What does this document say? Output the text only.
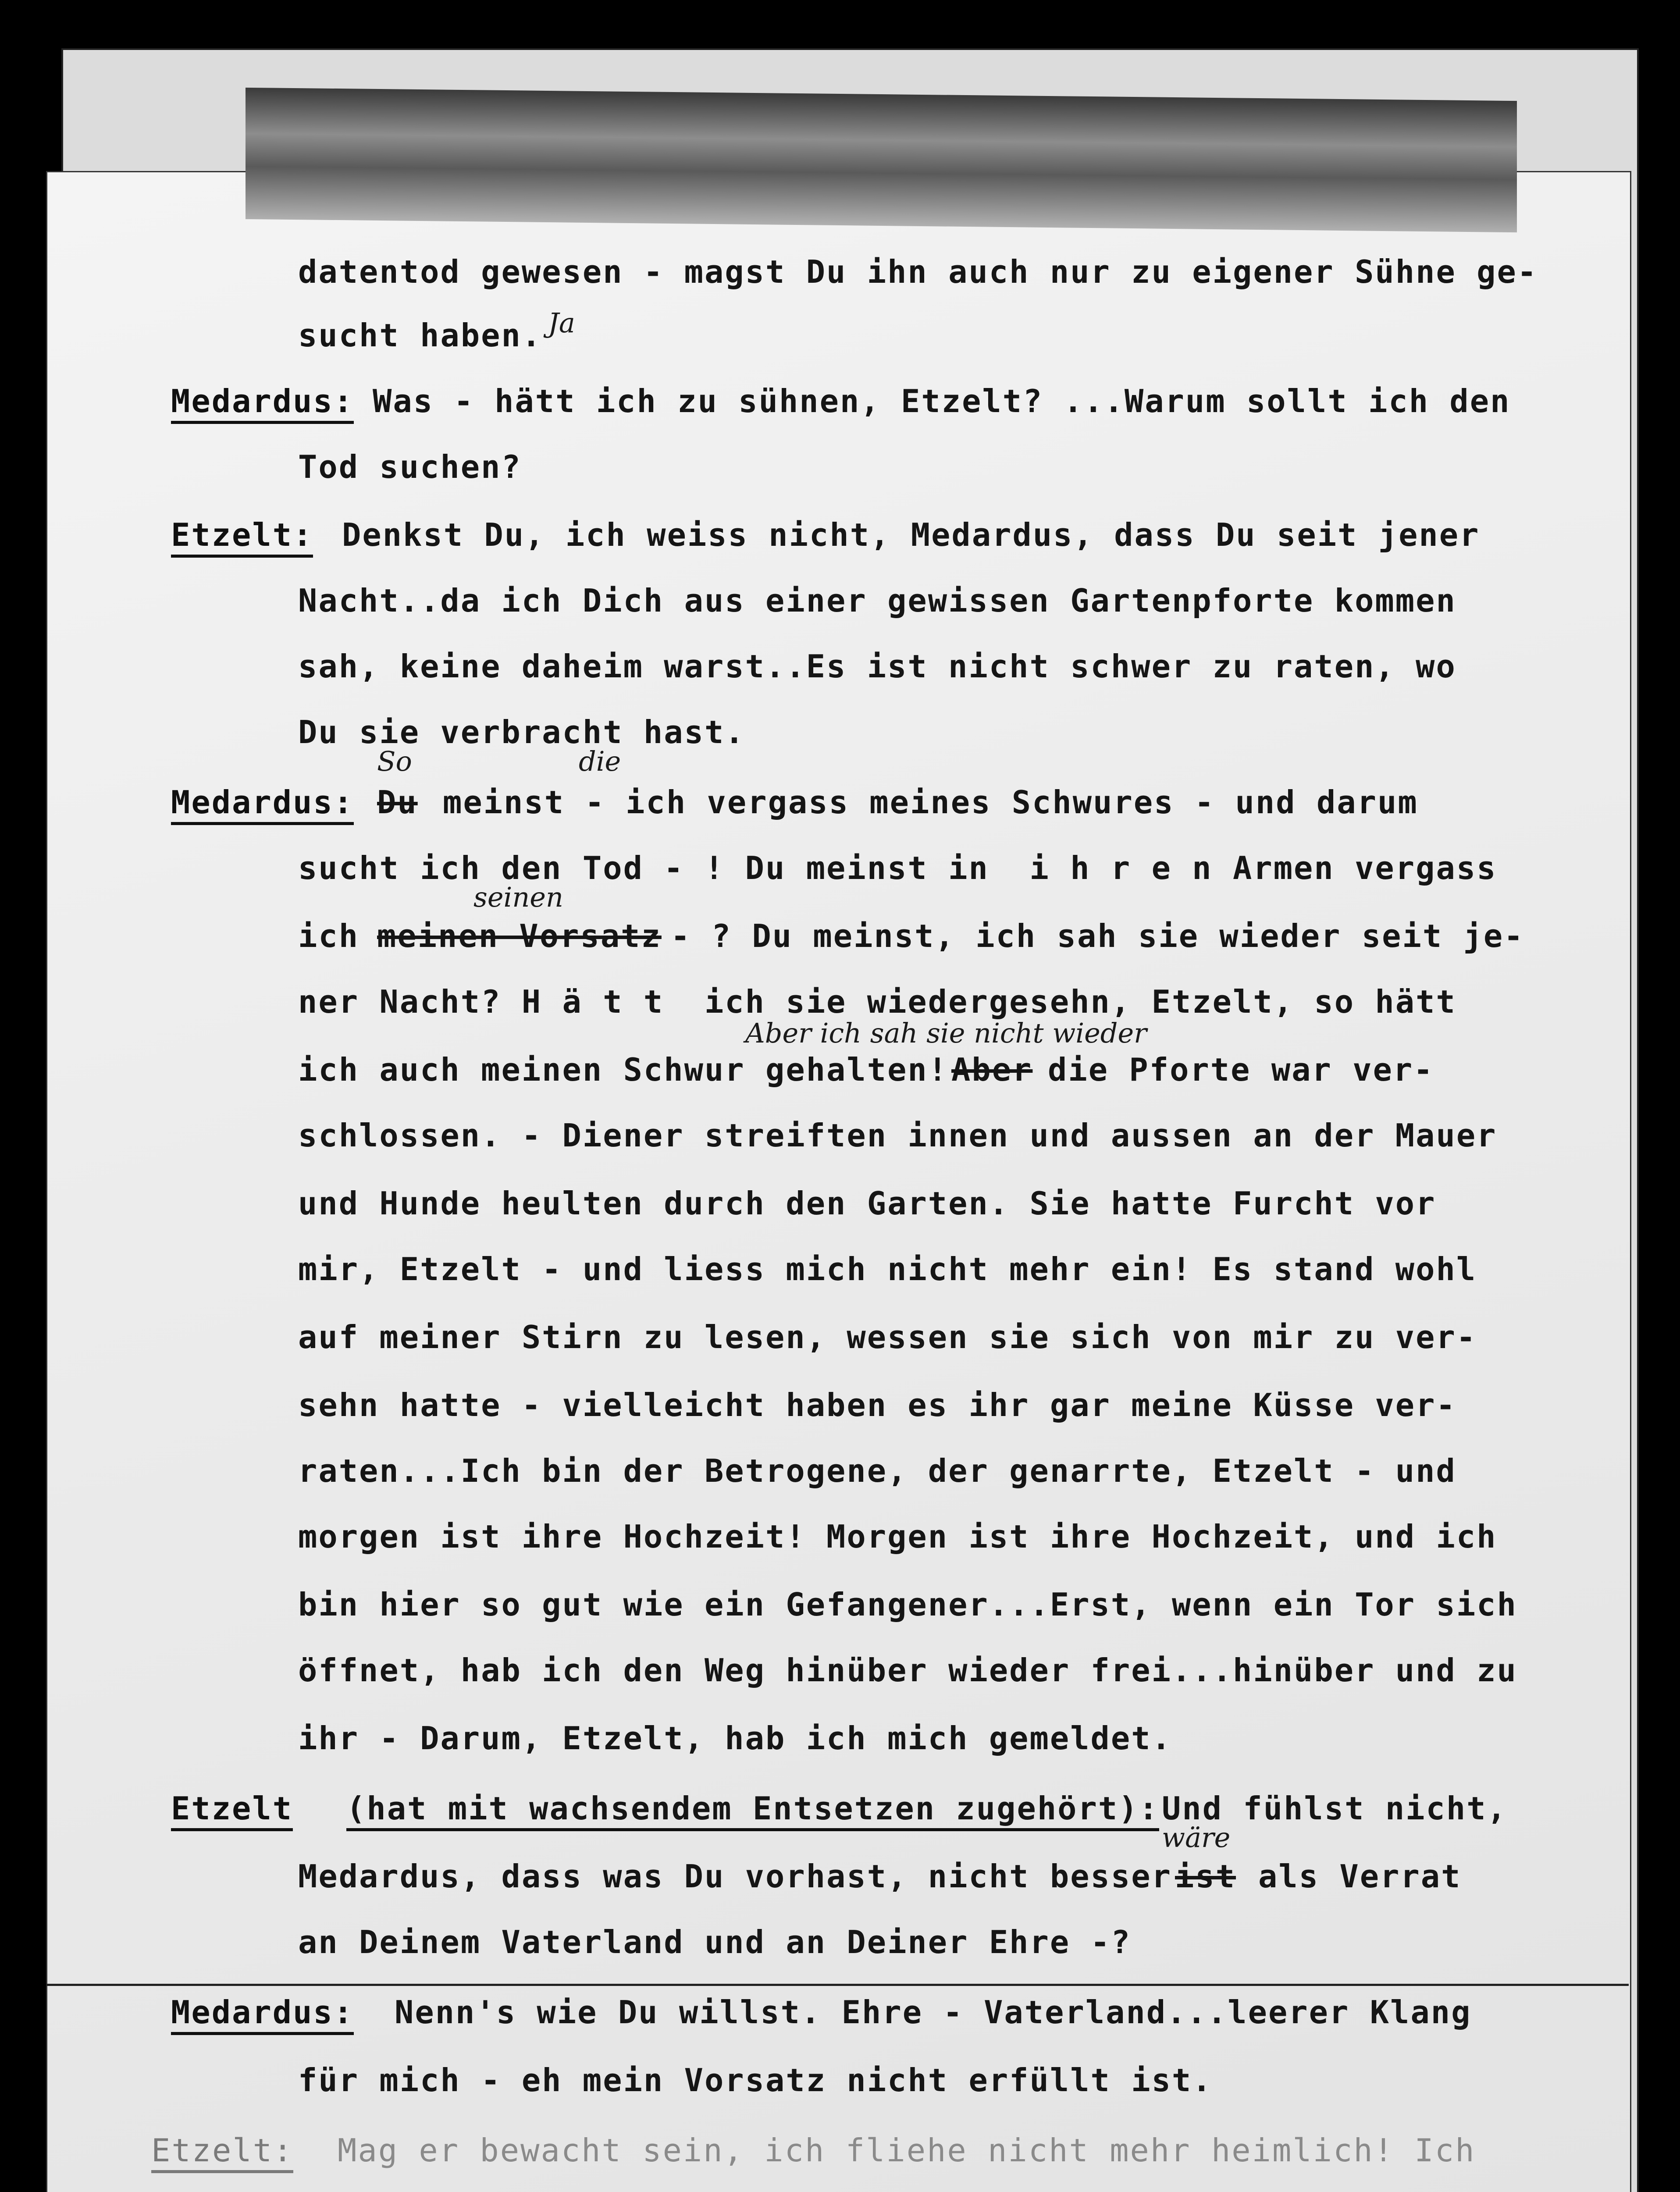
datentod gewesen - magst Du ihn auch nur zu eigener Sühne ge-
sucht haben. Ja
Medardus: Was - hätt ich zu sühnen, Etzelt? ...Warum sollt ich den
Tod suchen?
Etzelt: Denkst Du, ich weiss nicht, Medardus, dass Du seit jener
Nacht..da ich Dich aus einer gewissen Gartenpforte kommen
sah, keine daheim warst..Es ist nicht schwer zu raten, wo
Du sie verbracht hast.
Medardus:
So
Du
die
meinst - ich vergass meines Schwures - und darum
sucht ich den Tod - ! Du meinst in  i h r e n Armen vergass
ich
seinen
meinen Vorsatz - ? Du meinst, ich sah sie wieder seit je-
ner Nacht? H ä t t  ich sie wiedergesehn, Etzelt, so hätt
Aber ich sah sie nicht wieder
ich auch meinen Schwur gehalten! Aber die Pforte war ver-
schlossen. - Diener streiften innen und aussen an der Mauer
und Hunde heulten durch den Garten. Sie hatte Furcht vor
mir, Etzelt - und liess mich nicht mehr ein! Es stand wohl
auf meiner Stirn zu lesen, wessen sie sich von mir zu ver-
sehn hatte - vielleicht haben es ihr gar meine Küsse ver-
raten...Ich bin der Betrogene, der genarrte, Etzelt - und
morgen ist ihre Hochzeit! Morgen ist ihre Hochzeit, und ich
bin hier so gut wie ein Gefangener...Erst, wenn ein Tor sich
öffnet, hab ich den Weg hinüber wieder frei...hinüber und zu
ihr - Darum, Etzelt, hab ich mich gemeldet.
Etzelt (hat mit wachsendem Entsetzen zugehört): Und fühlst nicht,
Medardus, dass was Du vorhast, nicht besser
wäre
ist als Verrat
an Deinem Vaterland und an Deiner Ehre -?
Medardus: Nenn's wie Du willst. Ehre - Vaterland...leerer Klang
für mich - eh mein Vorsatz nicht erfüllt ist.
Etzelt: Mag er bewacht sein, ich fliehe nicht mehr heimlich! Ich
